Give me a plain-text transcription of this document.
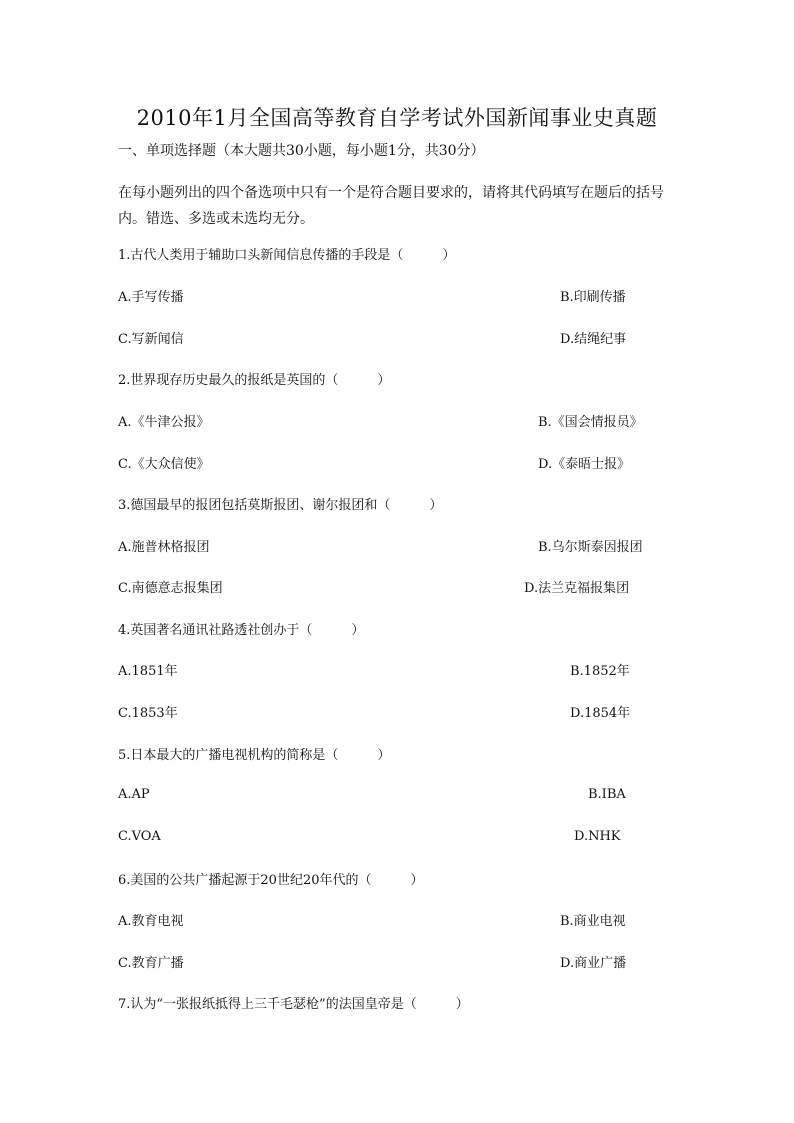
2010年1月全国高等教育自学考试外国新闻事业史真题
一、单项选择题（本大题共30小题，每小题1分，共30分）
在每小题列出的四个备选项中只有一个是符合题目要求的，请将其代码填写在题后的括号内。错选、多选或未选均无分。
1.古代人类用于辅助口头新闻信息传播的手段是（　　　）
A.手写传播	B.印刷传播
C.写新闻信	D.结绳纪事
2.世界现存历史最久的报纸是英国的（　　　）
A.《牛津公报》	B.《国会情报员》
C.《大众信使》	D.《泰晤士报》
3.德国最早的报团包括莫斯报团、谢尔报团和（　　　）
A.施普林格报团	B.乌尔斯泰因报团
C.南德意志报集团	D.法兰克福报集团
4.英国著名通讯社路透社创办于（　　　）
A.1851年	B.1852年
C.1853年	D.1854年
5.日本最大的广播电视机构的简称是（　　　）
A.AP	B.IBA
C.VOA	D.NHK
6.美国的公共广播起源于20世纪20年代的（　　　）
A.教育电视	B.商业电视
C.教育广播	D.商业广播
7.认为“一张报纸抵得上三千毛瑟枪”的法国皇帝是（　　　）
